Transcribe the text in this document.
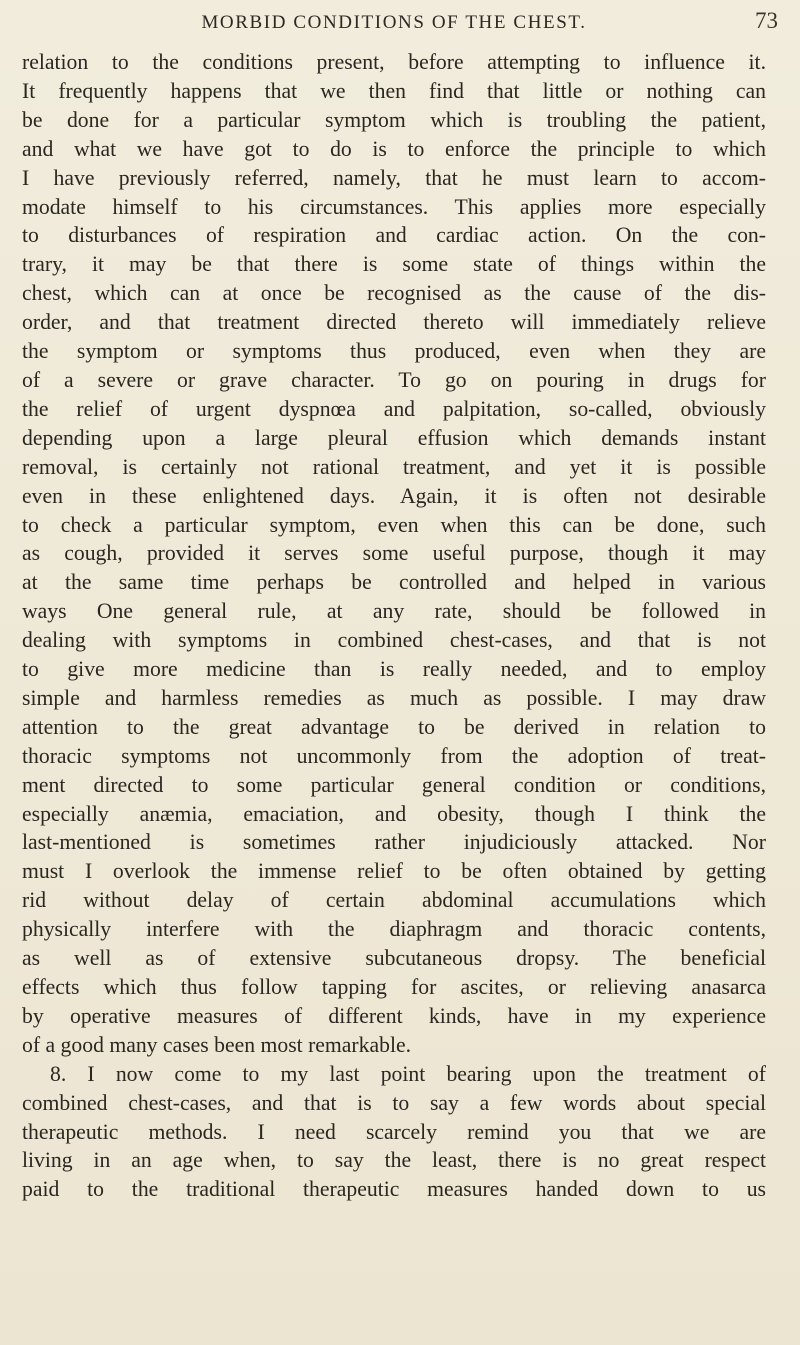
MORBID CONDITIONS OF THE CHEST.	73
relation to the conditions present, before attempting to influence it.
It frequently happens that we then find that little or nothing can
be done for a particular symptom which is troubling the patient,
and what we have got to do is to enforce the principle to which
I have previously referred, namely, that he must learn to accom-
modate himself to his circumstances. This applies more especially
to disturbances of respiration and cardiac action. On the con-
trary, it may be that there is some state of things within the
chest, which can at once be recognised as the cause of the dis-
order, and that treatment directed thereto will immediately relieve
the symptom or symptoms thus produced, even when they are
of a severe or grave character. To go on pouring in drugs for
the relief of urgent dyspnœa and palpitation, so-called, obviously
depending upon a large pleural effusion which demands instant
removal, is certainly not rational treatment, and yet it is possible
even in these enlightened days. Again, it is often not desirable
to check a particular symptom, even when this can be done, such
as cough, provided it serves some useful purpose, though it may
at the same time perhaps be controlled and helped in various
ways One general rule, at any rate, should be followed in
dealing with symptoms in combined chest-cases, and that is not
to give more medicine than is really needed, and to employ
simple and harmless remedies as much as possible. I may draw
attention to the great advantage to be derived in relation to
thoracic symptoms not uncommonly from the adoption of treat-
ment directed to some particular general condition or conditions,
especially anæmia, emaciation, and obesity, though I think the
last-mentioned is sometimes rather injudiciously attacked. Nor
must I overlook the immense relief to be often obtained by getting
rid without delay of certain abdominal accumulations which
physically interfere with the diaphragm and thoracic contents,
as well as of extensive subcutaneous dropsy. The beneficial
effects which thus follow tapping for ascites, or relieving anasarca
by operative measures of different kinds, have in my experience
of a good many cases been most remarkable.
8. I now come to my last point bearing upon the treatment of
combined chest-cases, and that is to say a few words about special
therapeutic methods. I need scarcely remind you that we are
living in an age when, to say the least, there is no great respect
paid to the traditional therapeutic measures handed down to us
